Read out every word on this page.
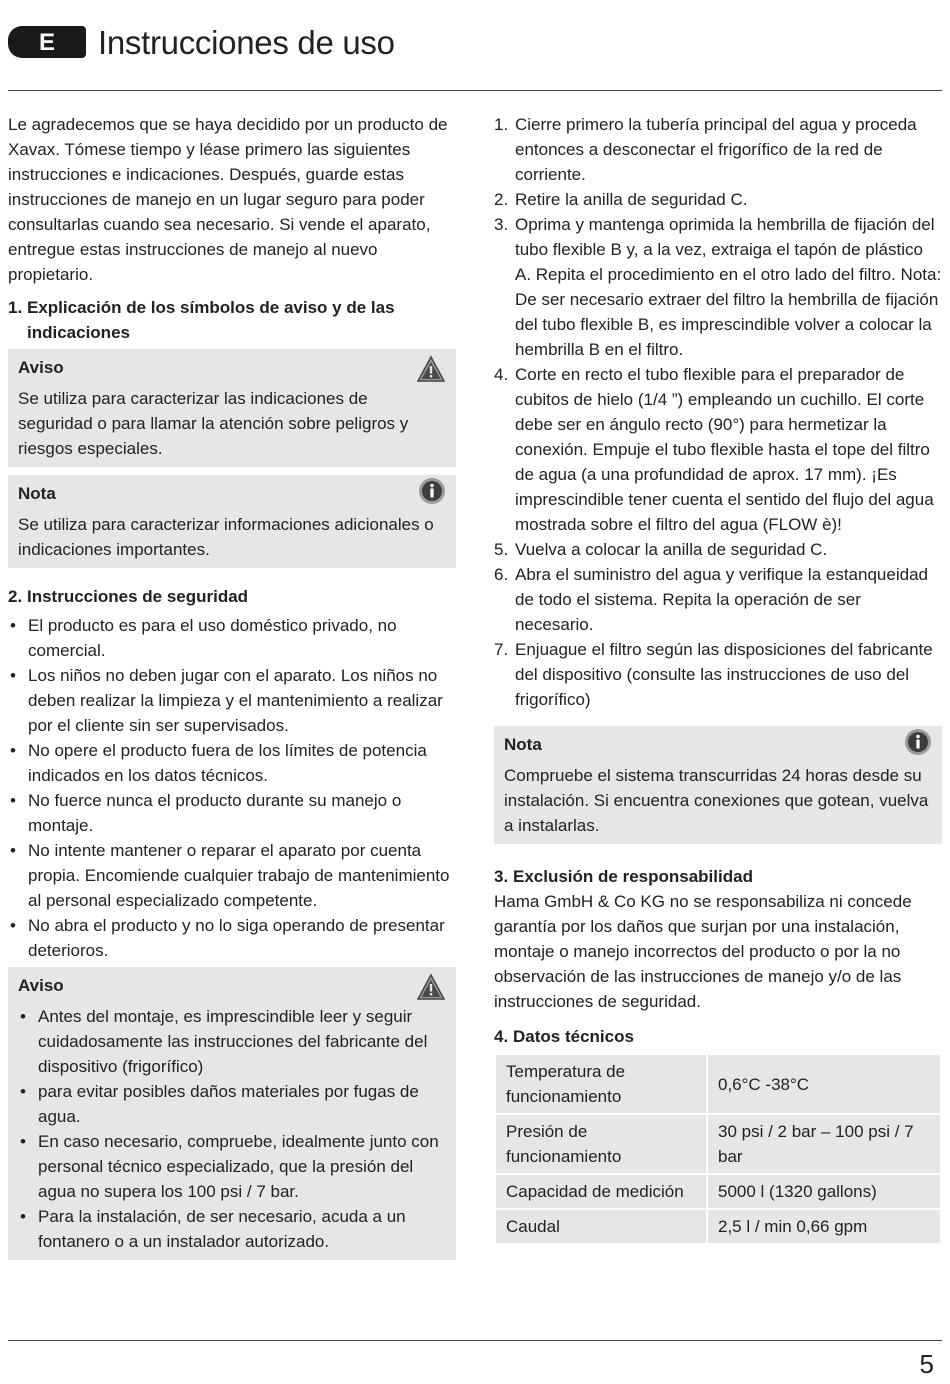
E	Instrucciones de uso

Le agradecemos que se haya decidido por un producto de Xavax. Tómese tiempo y léase primero las siguientes instrucciones e indicaciones. Después, guarde estas instrucciones de manejo en un lugar seguro para poder consultarlas cuando sea necesario. Si vende el aparato, entregue estas instrucciones de manejo al nuevo propietario.

1. Explicación de los símbolos de aviso y de las indicaciones
Aviso

Se utiliza para caracterizar las indicaciones de seguridad o para llamar la atención sobre peligros y riesgos especiales.

Nota

Se utiliza para caracterizar informaciones adicionales o indicaciones importantes.

2. Instrucciones de seguridad
• El producto es para el uso doméstico privado, no comercial.
• Los niños no deben jugar con el aparato. Los niños no deben realizar la limpieza y el mantenimiento a realizar por el cliente sin ser supervisados.
• No opere el producto fuera de los límites de potencia indicados en los datos técnicos.
• No fuerce nunca el producto durante su manejo o montaje.
• No intente mantener o reparar el aparato por cuenta propia. Encomiende cualquier trabajo de mantenimiento al personal especializado competente.
• No abra el producto y no lo siga operando de presentar deterioros.
Aviso
• Antes del montaje, es imprescindible leer y seguir cuidadosamente las instrucciones del fabricante del dispositivo (frigorífico)
• para evitar posibles daños materiales por fugas de agua.
• En caso necesario, compruebe, idealmente junto con personal técnico especializado, que la presión del agua no supera los 100 psi / 7 bar.
• Para la instalación, de ser necesario, acuda a un fontanero o a un instalador autorizado.
1. Cierre primero la tubería principal del agua y proceda entonces a desconectar el frigorífico de la red de corriente.
2. Retire la anilla de seguridad C.
3. Oprima y mantenga oprimida la hembrilla de fijación del tubo flexible B y, a la vez, extraiga el tapón de plástico A. Repita el procedimiento en el otro lado del filtro. Nota: De ser necesario extraer del filtro la hembrilla de fijación del tubo flexible B, es imprescindible volver a colocar la hembrilla B en el filtro.
4. Corte en recto el tubo flexible para el preparador de cubitos de hielo (1/4 ”) empleando un cuchillo. El corte debe ser en ángulo recto (90°) para hermetizar la conexión. Empuje el tubo flexible hasta el tope del filtro de agua (a una profundidad de aprox. 17 mm). ¡Es imprescindible tener cuenta el sentido del flujo del agua mostrada sobre el filtro del agua (FLOW è)!
5. Vuelva a colocar la anilla de seguridad C.
6. Abra el suministro del agua y verifique la estanqueidad de todo el sistema. Repita la operación de ser necesario.
7. Enjuague el filtro según las disposiciones del fabricante del dispositivo (consulte las instrucciones de uso del frigorífico)
Nota

Compruebe el sistema transcurridas 24 horas desde su instalación. Si encuentra conexiones que gotean, vuelva a instalarlas.

3. Exclusión de responsabilidad

Hama GmbH & Co KG no se responsabiliza ni concede garantía por los daños que surjan por una instalación, montaje o manejo incorrectos del producto o por la no observación de las instrucciones de manejo y/o de las instrucciones de seguridad.

4. Datos técnicos
Temperatura de funcionamiento	0,6°C -38°C
Presión de funcionamiento	30 psi / 2 bar – 100 psi / 7 bar
Capacidad de medición	5000 l (1320 gallons)
Caudal	2,5 l / min 0,66 gpm
5
